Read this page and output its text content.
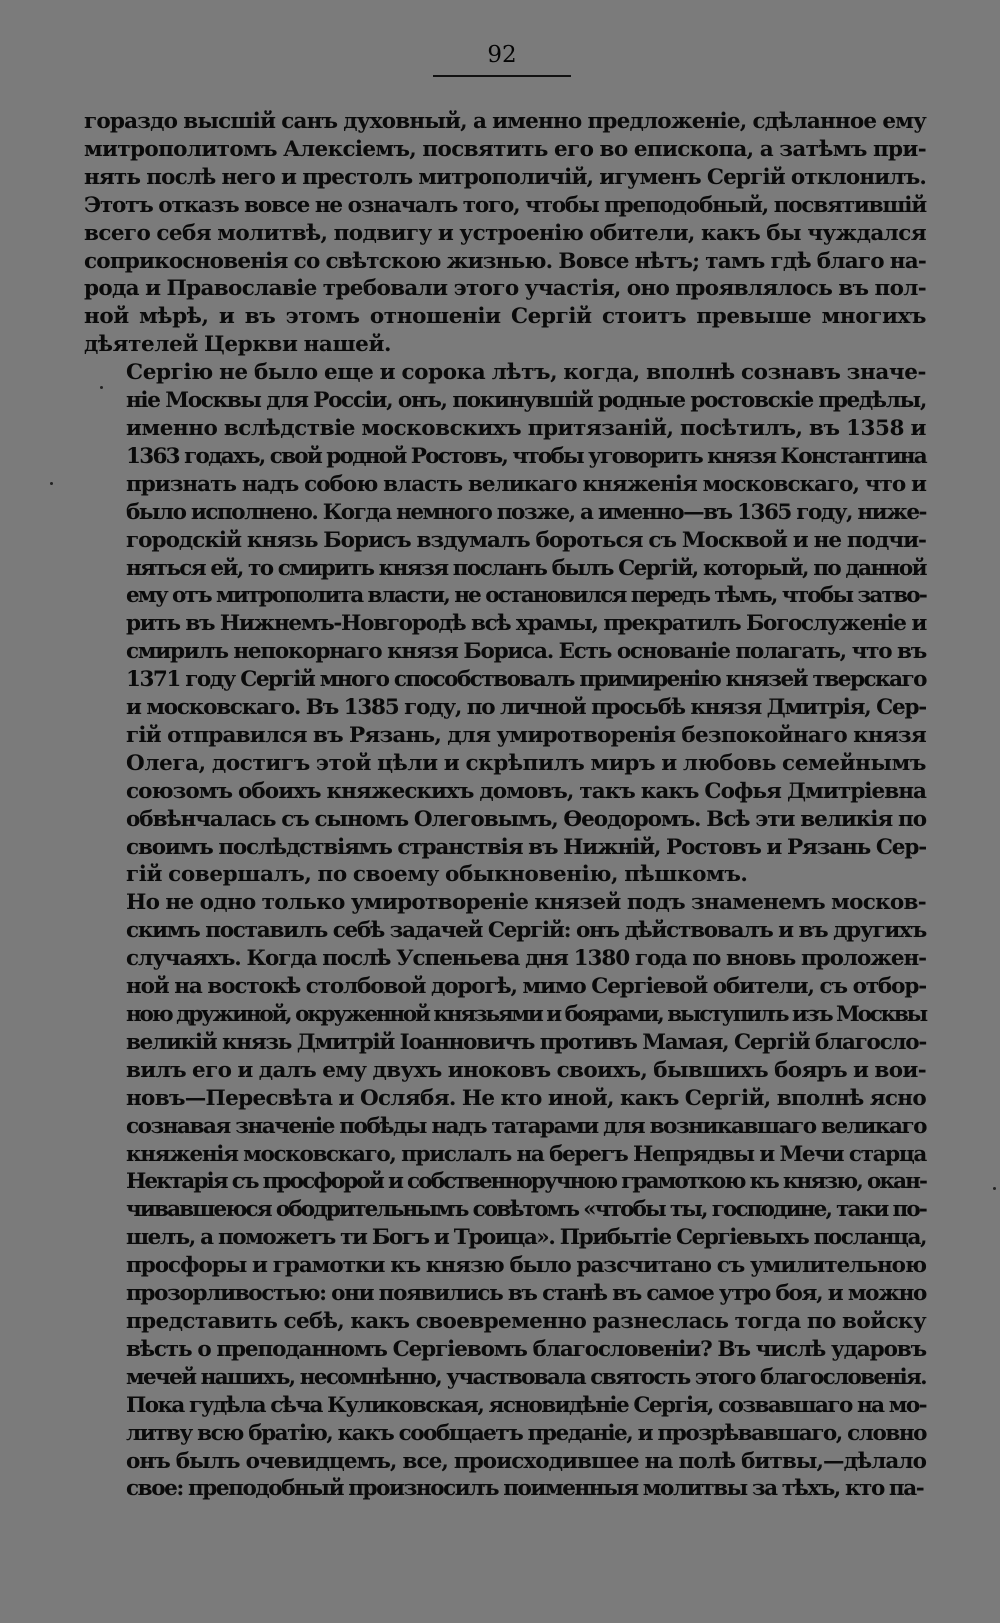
92

гораздо высшій санъ духовный, а именно предложеніе, сдѣланное ему
митрополитомъ Алексіемъ, посвятить его во епископа, а затѣмъ при-
нять послѣ него и престолъ митрополичій, игуменъ Сергій отклонилъ.
Этотъ отказъ вовсе не означалъ того, чтобы преподобный, посвятившій
всего себя молитвѣ, подвигу и устроенію обители, какъ бы чуждался
соприкосновенія со свѣтскою жизнью. Вовсе нѣтъ; тамъ гдѣ благо на-
рода и Православіе требовали этого участія, оно проявлялось въ пол-
ной мѣрѣ, и въ этомъ отношеніи Сергій стоитъ превыше многихъ
дѣятелей Церкви нашей.

Сергію не было еще и сорока лѣтъ, когда, вполнѣ сознавъ значе-
ніе Москвы для Россіи, онъ, покинувшій родные ростовскіе предѣлы,
именно вслѣдствіе московскихъ притязаній, посѣтилъ, въ 1358 и
1363 годахъ, свой родной Ростовъ, чтобы уговорить князя Константина
признать надъ собою власть великаго княженія московскаго, что и
было исполнено. Когда немного позже, а именно—въ 1365 году, ниже-
городскій князь Борисъ вздумалъ бороться съ Москвой и не подчи-
няться ей, то смирить князя посланъ былъ Сергій, который, по данной
ему отъ митрополита власти, не остановился передъ тѣмъ, чтобы затво-
рить въ Нижнемъ-Новгородѣ всѣ храмы, прекратилъ Богослуженіе и
смирилъ непокорнаго князя Бориса. Есть основаніе полагать, что въ
1371 году Сергій много способствовалъ примиренію князей тверскаго
и московскаго. Въ 1385 году, по личной просьбѣ князя Дмитрія, Сер-
гій отправился въ Рязань, для умиротворенія безпокойнаго князя
Олега, достигъ этой цѣли и скрѣпилъ миръ и любовь семейнымъ
союзомъ обоихъ княжескихъ домовъ, такъ какъ Софья Дмитріевна
обвѣнчалась съ сыномъ Олеговымъ, Ѳеодоромъ. Всѣ эти великія по
своимъ послѣдствіямъ странствія въ Нижній, Ростовъ и Рязань Сер-
гій совершалъ, по своему обыкновенію, пѣшкомъ.

Но не одно только умиротвореніе князей подъ знаменемъ москов-
скимъ поставилъ себѣ задачей Сергій: онъ дѣйствовалъ и въ другихъ
случаяхъ. Когда послѣ Успеньева дня 1380 года по вновь проложен-
ной на востокѣ столбовой дорогѣ, мимо Сергіевой обители, съ отбор-
ною дружиной, окруженной князьями и боярами, выступилъ изъ Москвы
великій князь Дмитрій Іоанновичъ противъ Мамая, Сергій благосло-
вилъ его и далъ ему двухъ иноковъ своихъ, бывшихъ бояръ и вои-
новъ—Пересвѣта и Ослябя. Не кто иной, какъ Сергій, вполнѣ ясно
сознавая значеніе побѣды надъ татарами для возникавшаго великаго
княженія московскаго, прислалъ на берегъ Непрядвы и Мечи старца
Нектарія съ просфорой и собственноручною грамоткою къ князю, окан-
чивавшеюся ободрительнымъ совѣтомъ «чтобы ты, господине, таки по-
шелъ, а поможетъ ти Богъ и Троица». Прибытіе Сергіевыхъ посланца,
просфоры и грамотки къ князю было разсчитано съ умилительною
прозорливостью: они появились въ станѣ въ самое утро боя, и можно
представить себѣ, какъ своевременно разнеслась тогда по войску
вѣсть о преподанномъ Сергіевомъ благословеніи? Въ числѣ ударовъ
мечей нашихъ, несомнѣнно, участвовала святость этого благословенія.
Пока гудѣла сѣча Куликовская, ясновидѣніе Сергія, созвавшаго на мо-
литву всю братію, какъ сообщаетъ преданіе, и прозрѣвавшаго, словно
онъ былъ очевидцемъ, все, происходившее на полѣ битвы,—дѣлало
свое: преподобный произносилъ поименныя молитвы за тѣхъ, кто па-
